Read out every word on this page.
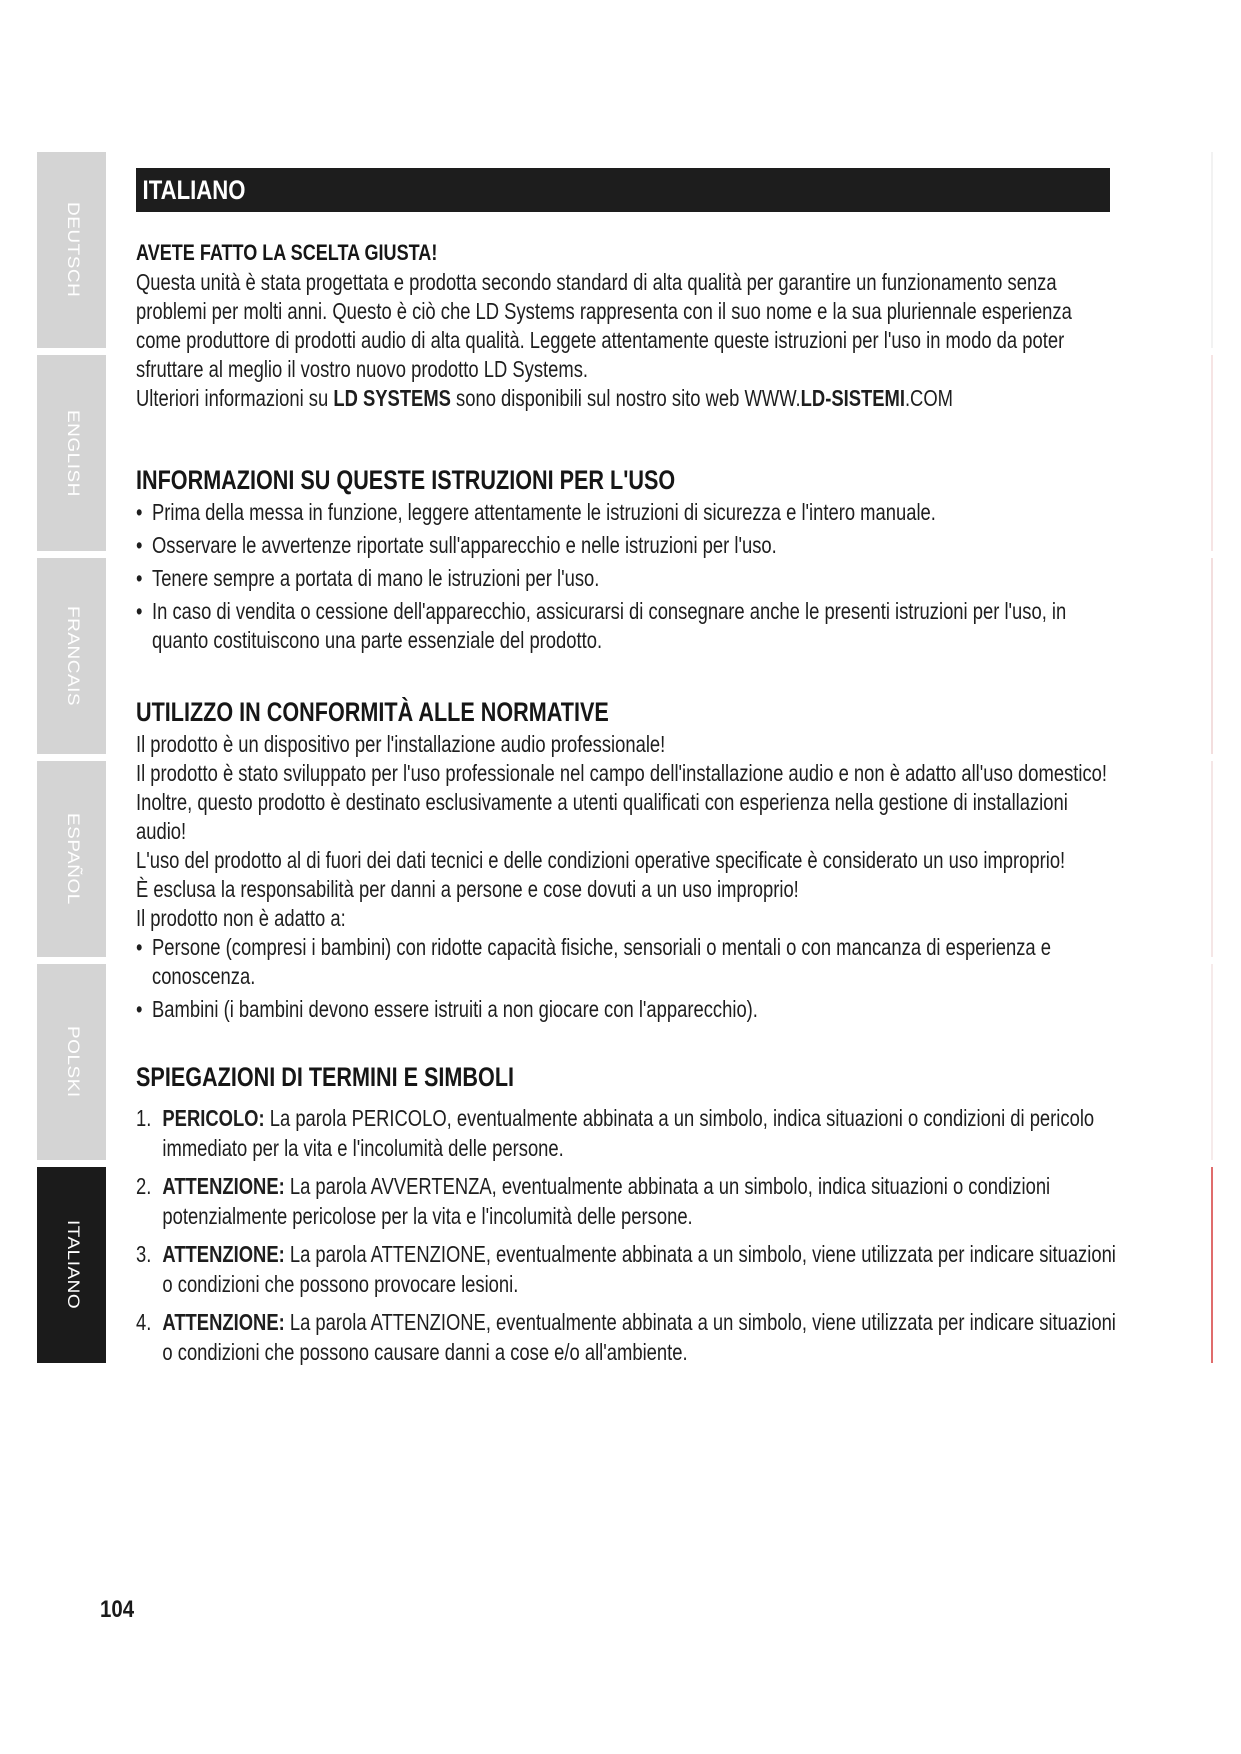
DEUTSCH
ENGLISH
FRANCAIS
ESPAÑOL
POLSKI
ITALIANO
ITALIANO
AVETE FATTO LA SCELTA GIUSTA!

Questa unità è stata progettata e prodotta secondo standard di alta qualità per garantire un funzionamento senza problemi per molti anni. Questo è ciò che LD Systems rappresenta con il suo nome e la sua pluriennale esperienza come produttore di prodotti audio di alta qualità. Leggete attentamente queste istruzioni per l'uso in modo da poter sfruttare al meglio il vostro nuovo prodotto LD Systems.

Ulteriori informazioni su LD SYSTEMS sono disponibili sul nostro sito web WWW.LD-SISTEMI.COM

INFORMAZIONI SU QUESTE ISTRUZIONI PER L'USO
• Prima della messa in funzione, leggere attentamente le istruzioni di sicurezza e l'intero manuale.
• Osservare le avvertenze riportate sull'apparecchio e nelle istruzioni per l'uso.
• Tenere sempre a portata di mano le istruzioni per l'uso.
• In caso di vendita o cessione dell'apparecchio, assicurarsi di consegnare anche le presenti istruzioni per l'uso, in quanto costituiscono una parte essenziale del prodotto.
UTILIZZO IN CONFORMITÀ ALLE NORMATIVE

Il prodotto è un dispositivo per l'installazione audio professionale!

Il prodotto è stato sviluppato per l'uso professionale nel campo dell'installazione audio e non è adatto all'uso domestico!

Inoltre, questo prodotto è destinato esclusivamente a utenti qualificati con esperienza nella gestione di installazioni audio!

L'uso del prodotto al di fuori dei dati tecnici e delle condizioni operative specificate è considerato un uso improprio!

È esclusa la responsabilità per danni a persone e cose dovuti a un uso improprio!

Il prodotto non è adatto a:

• Persone (compresi i bambini) con ridotte capacità fisiche, sensoriali o mentali o con mancanza di esperienza e conoscenza.
• Bambini (i bambini devono essere istruiti a non giocare con l'apparecchio).
SPIEGAZIONI DI TERMINI E SIMBOLI
1. PERICOLO: La parola PERICOLO, eventualmente abbinata a un simbolo, indica situazioni o condizioni di pericolo immediato per la vita e l'incolumità delle persone.
2. ATTENZIONE: La parola AVVERTENZA, eventualmente abbinata a un simbolo, indica situazioni o condizioni potenzialmente pericolose per la vita e l'incolumità delle persone.
3. ATTENZIONE: La parola ATTENZIONE, eventualmente abbinata a un simbolo, viene utilizzata per indicare situazioni o condizioni che possono provocare lesioni.
4. ATTENZIONE: La parola ATTENZIONE, eventualmente abbinata a un simbolo, viene utilizzata per indicare situazioni o condizioni che possono causare danni a cose e/o all'ambiente.
104
